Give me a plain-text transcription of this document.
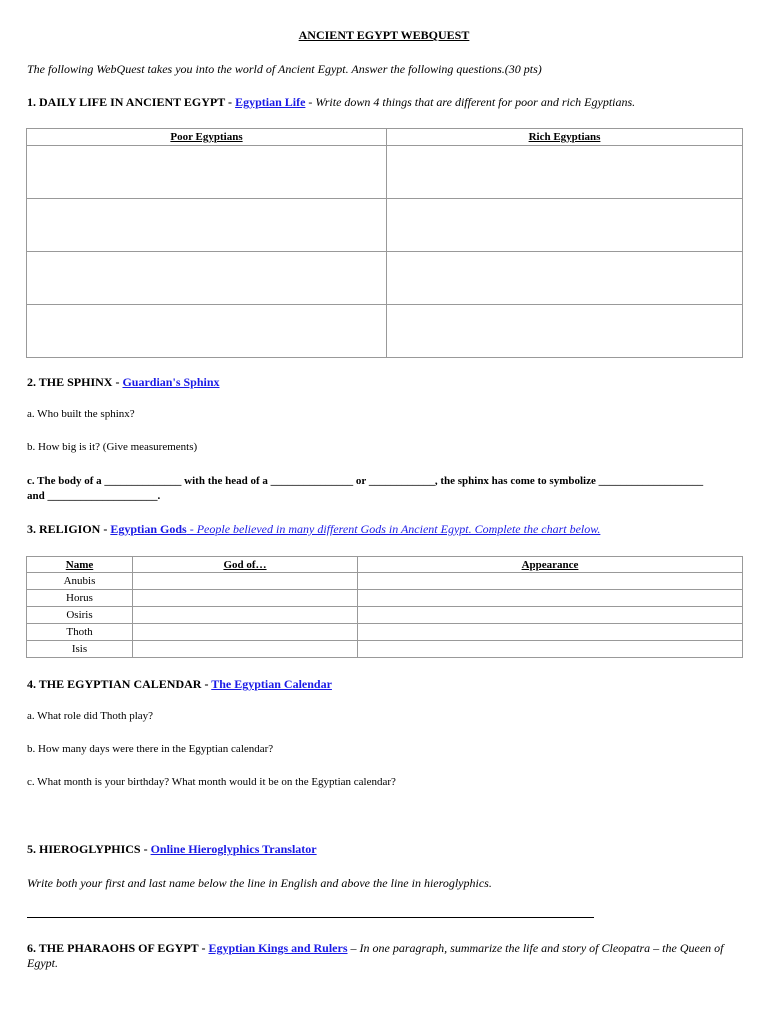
ANCIENT EGYPT WEBQUEST
The following WebQuest takes you into the world of Ancient Egypt. Answer the following questions.(30 pts)
1. DAILY LIFE IN ANCIENT EGYPT - Egyptian Life - Write down 4 things that are different for poor and rich Egyptians.
Poor Egyptians	Rich Egyptians

2. THE SPHINX - Guardian's Sphinx
a. Who built the sphinx?
b. How big is it? (Give measurements)
c. The body of a ______________ with the head of a _______________ or ____________, the sphinx has come to symbolize ___________________ and ____________________.
3. RELIGION - Egyptian Gods - People believed in many different Gods in Ancient Egypt. Complete the chart below.
Name	God of…	Appearance
Anubis		
Horus		
Osiris		
Thoth		
Isis		
4. THE EGYPTIAN CALENDAR - The Egyptian Calendar
a. What role did Thoth play?
b. How many days were there in the Egyptian calendar?
c. What month is your birthday? What month would it be on the Egyptian calendar?
5. HIEROGLYPHICS - Online Hieroglyphics Translator
Write both your first and last name below the line in English and above the line in hieroglyphics.
6. THE PHARAOHS OF EGYPT - Egyptian Kings and Rulers – In one paragraph, summarize the life and story of Cleopatra – the Queen of Egypt.
